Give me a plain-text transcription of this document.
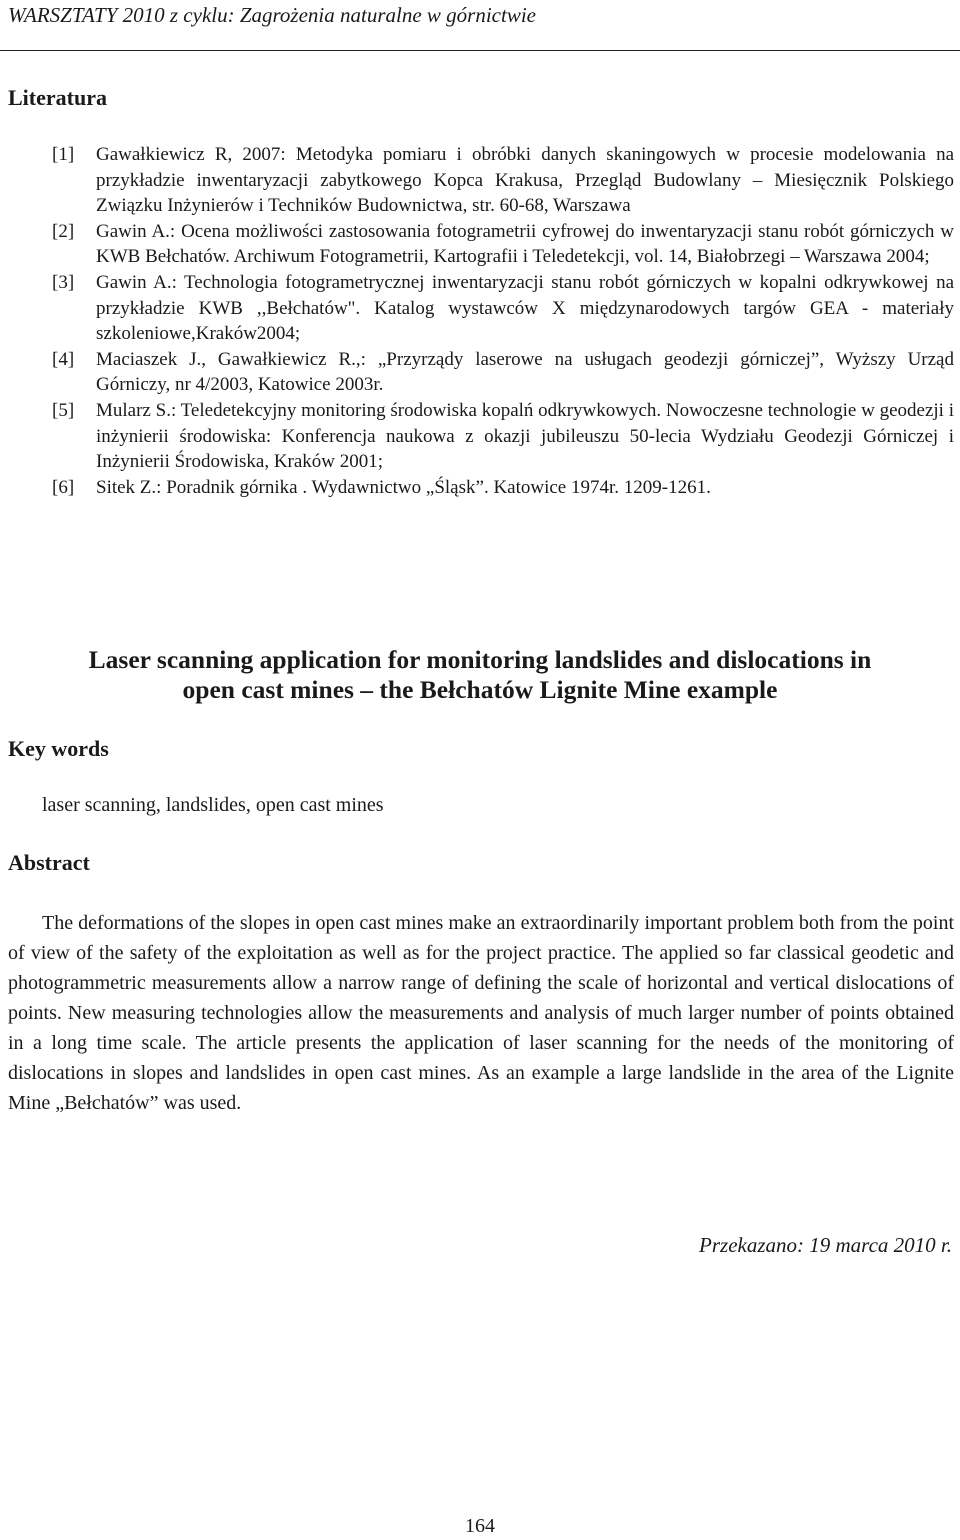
WARSZTATY 2010 z cyklu: Zagrożenia naturalne w górnictwie
Literatura
[1]	Gawałkiewicz R, 2007: Metodyka pomiaru i obróbki danych skaningowych w procesie modelowania na przykładzie inwentaryzacji zabytkowego Kopca Krakusa, Przegląd Budowlany – Miesięcznik Polskiego Związku Inżynierów i Techników Budownictwa, str. 60-68, Warszawa
[2]	Gawin A.: Ocena możliwości zastosowania fotogrametrii cyfrowej do inwentaryzacji stanu robót górniczych w KWB Bełchatów. Archiwum Fotogrametrii, Kartografii i Teledetekcji, vol. 14, Białobrzegi – Warszawa 2004;
[3]	Gawin A.: Technologia fotogrametrycznej inwentaryzacji stanu robót górniczych w kopalni odkrywkowej na przykładzie KWB ,,Bełchatów". Katalog wystawców X międzynarodowych targów GEA - materiały szkoleniowe,Kraków2004;
[4]	Maciaszek J., Gawałkiewicz R.,: „Przyrządy laserowe na usługach geodezji górniczej”, Wyższy Urząd Górniczy, nr 4/2003, Katowice 2003r.
[5]	Mularz S.: Teledetekcyjny monitoring środowiska kopalń odkrywkowych. Nowoczesne technologie w geodezji i inżynierii środowiska: Konferencja naukowa z okazji jubileuszu 50-lecia Wydziału Geodezji Górniczej i Inżynierii Środowiska, Kraków 2001;
[6]	Sitek Z.: Poradnik górnika . Wydawnictwo „Śląsk”. Katowice 1974r. 1209-1261.
Laser scanning application for monitoring landslides and dislocations in
open cast mines – the Bełchatów Lignite Mine example
Key words
laser scanning, landslides, open cast mines
Abstract
The deformations of the slopes in open cast mines make an extraordinarily important problem both from the point of view of the safety of the exploitation as well as for the project practice. The applied so far classical geodetic and photogrammetric measurements allow a narrow range of defining the scale of horizontal and vertical dislocations of points. New measuring technologies allow the measurements and analysis of much larger number of points obtained in a long time scale. The article presents the application of laser scanning for the needs of the monitoring of dislocations in slopes and landslides in open cast mines. As an example a large landslide in the area of the Lignite Mine „Bełchatów” was used.
Przekazano: 19 marca 2010 r.
164
